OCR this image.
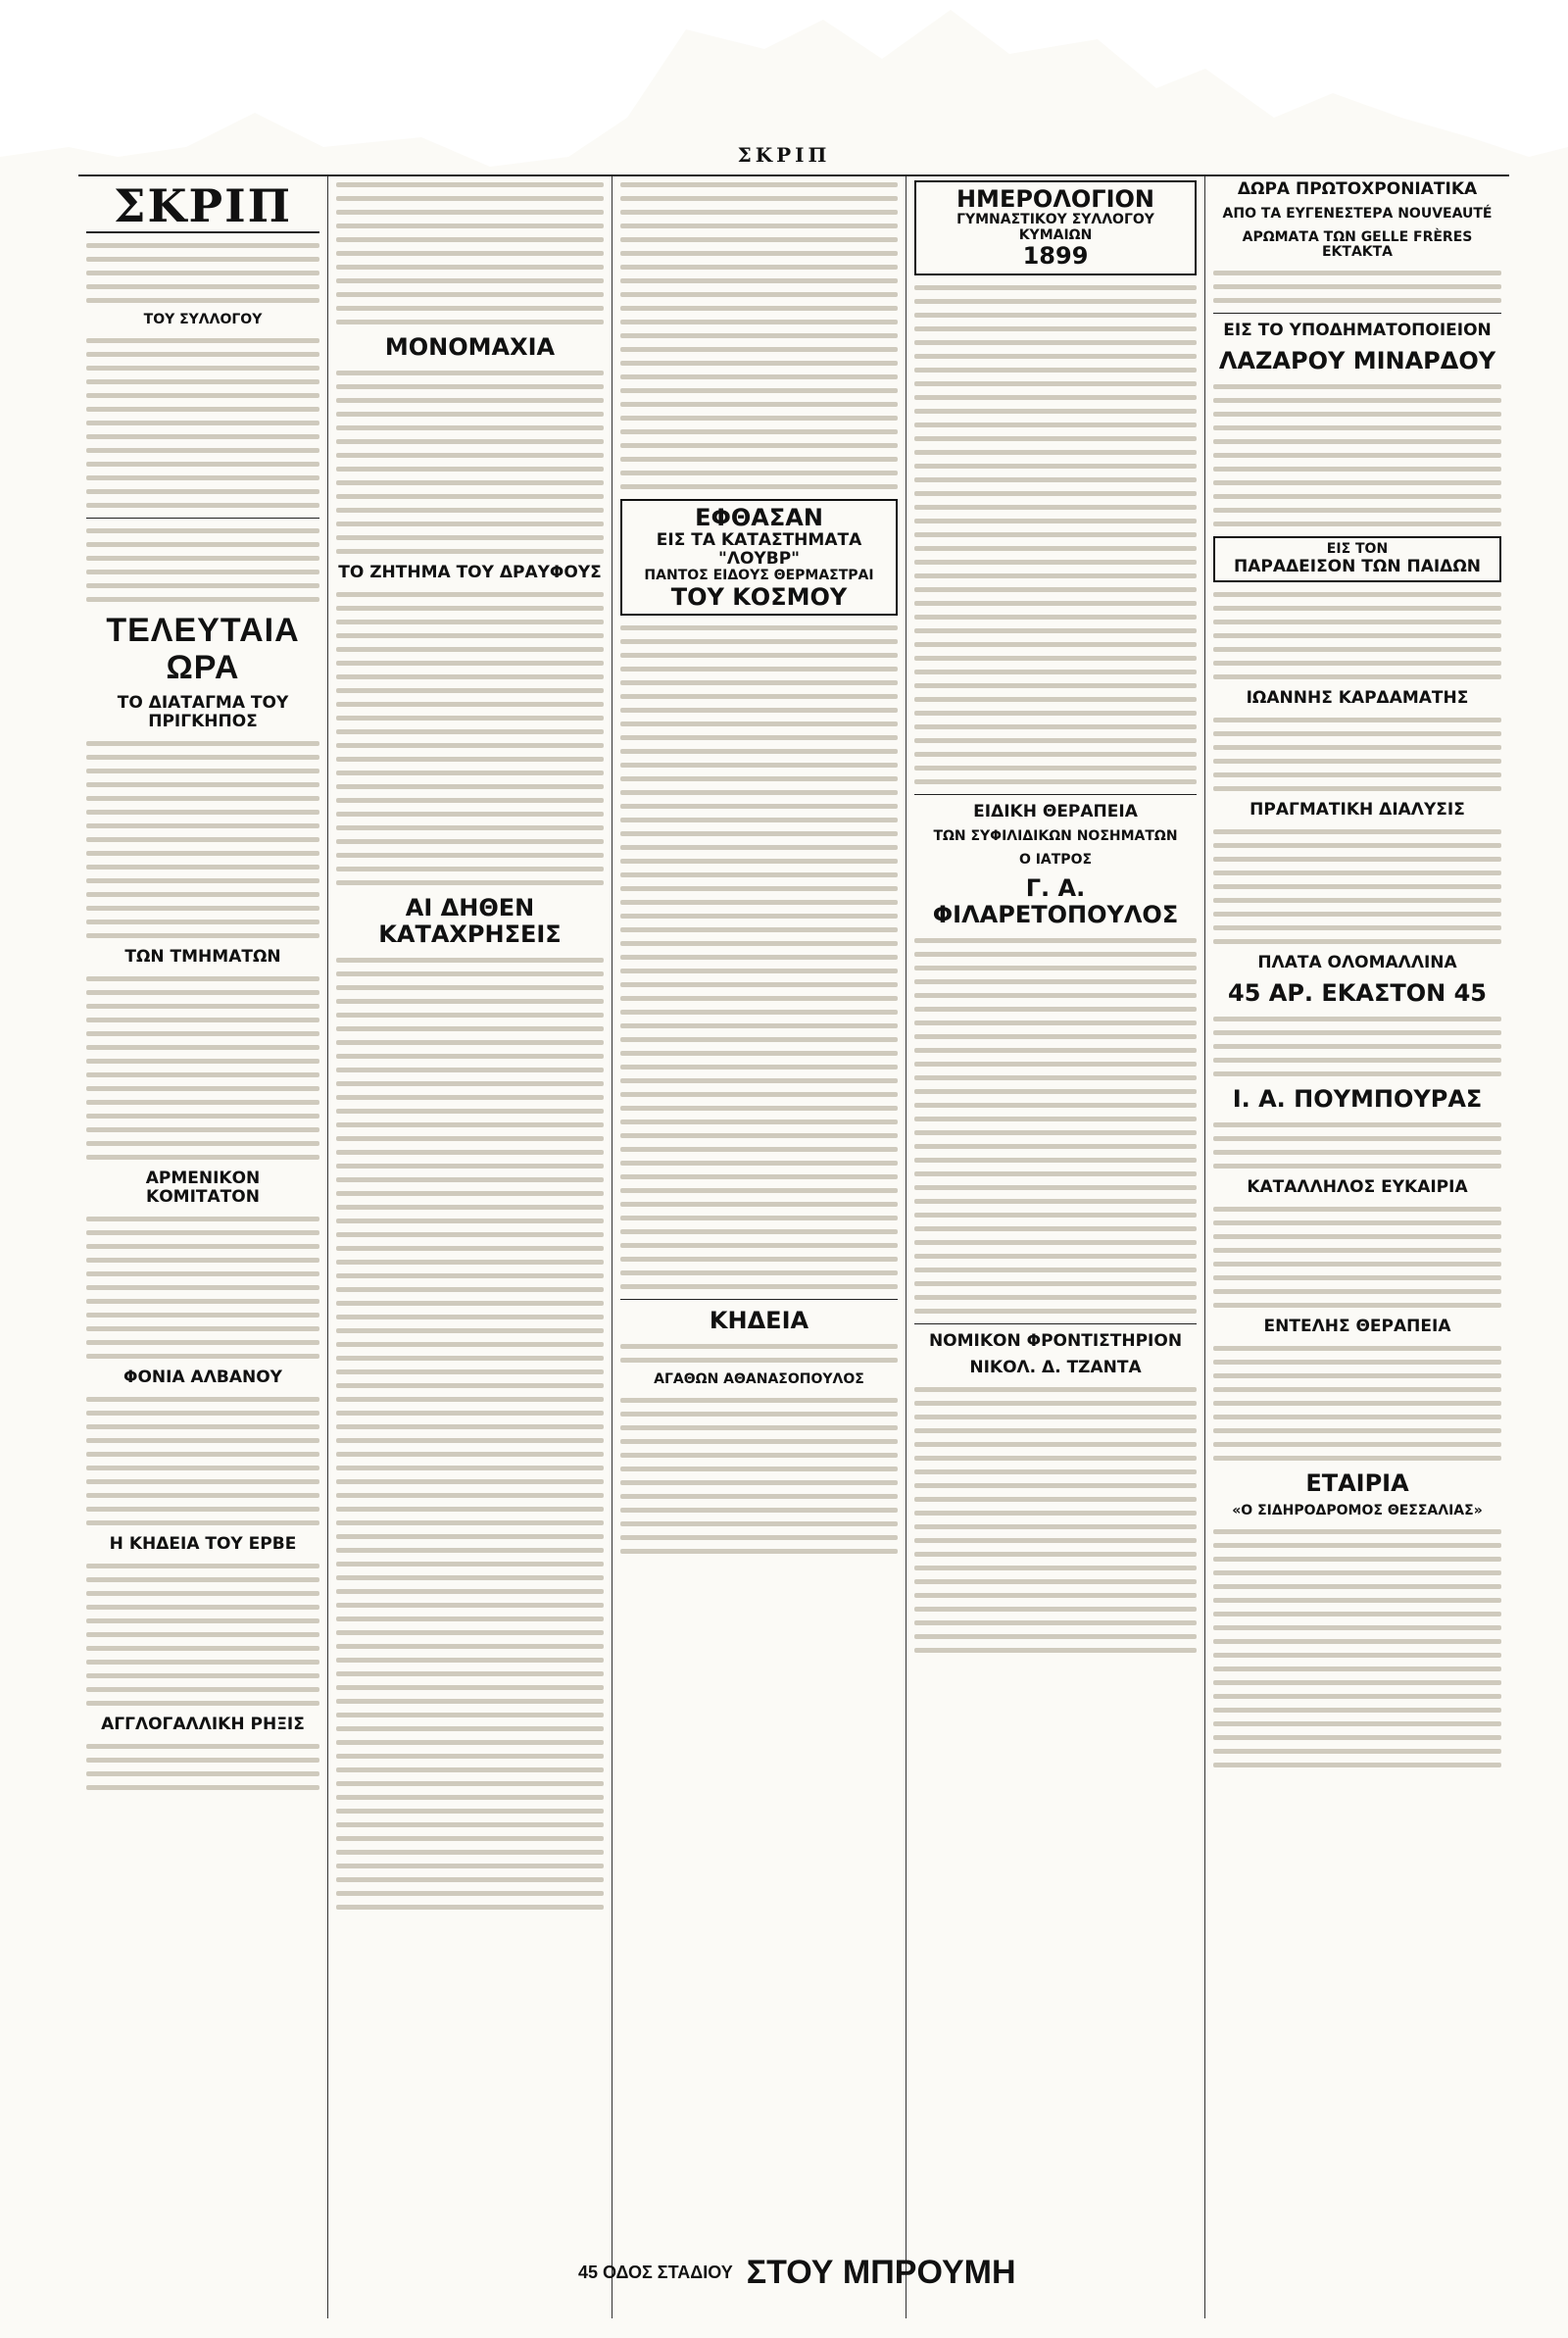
ΣΚΡΙΠ
ΣΚΡΙΠ
ΤΟΥ ΣΥΛΛΟΓΟΥ
ΤΕΛΕΥΤΑΙΑ ΩΡΑ
ΤΟ ΔΙΑΤΑΓΜΑ ΤΟΥ ΠΡΙΓΚΗΠΟΣ
ΤΩΝ ΤΜΗΜΑΤΩΝ
ΑΡΜΕΝΙΚΟΝ ΚΟΜΙΤΑΤΟΝ
ΦΟΝΙΑ ΑΛΒΑΝΟΥ
Η ΚΗΔΕΙΑ ΤΟΥ ΕΡΒΕ
ΑΓΓΛΟΓΑΛΛΙΚΗ ΡΗΞΙΣ
ΜΟΝΟΜΑΧΙΑ
ΤΟ ΖΗΤΗΜΑ ΤΟΥ ΔΡΑΥΦΟΥΣ
ΑΙ ΔΗΘΕΝ ΚΑΤΑΧΡΗΣΕΙΣ
ΕΦΘΑΣΑΝ
ΕΙΣ ΤΑ ΚΑΤΑΣΤΗΜΑΤΑ "ΛΟΥΒΡ"
ΠΑΝΤΟΣ ΕΙΔΟΥΣ ΘΕΡΜΑΣΤΡΑΙ
ΤΟΥ ΚΟΣΜΟΥ
ΚΗΔΕΙΑ
ΑΓΑΘΩΝ ΑΘΑΝΑΣΟΠΟΥΛΟΣ
ΗΜΕΡΟΛΟΓΙΟΝ
ΓΥΜΝΑΣΤΙΚΟΥ ΣΥΛΛΟΓΟΥ ΚΥΜΑΙΩΝ
1899
ΕΙΔΙΚΗ ΘΕΡΑΠΕΙΑ
ΤΩΝ ΣΥΦΙΛΙΔΙΚΩΝ ΝΟΣΗΜΑΤΩΝ
Ο ΙΑΤΡΟΣ
Γ. Α. ΦΙΛΑΡΕΤΟΠΟΥΛΟΣ
ΝΟΜΙΚΟΝ ΦΡΟΝΤΙΣΤΗΡΙΟΝ
ΝΙΚΟΛ. Δ. ΤΖΑΝΤΑ
ΔΩΡΑ ΠΡΩΤΟΧΡΟΝΙΑΤΙΚΑ
ΑΠΟ ΤΑ ΕΥΓΕΝΕΣΤΕΡΑ NOUVEAUTÉ
ΑΡΩΜΑΤΑ ΤΩΝ GELLE FRÈRES ΕΚΤΑΚΤΑ
ΕΙΣ ΤΟ ΥΠΟΔΗΜΑΤΟΠΟΙΕΙΟΝ
ΛΑΖΑΡΟΥ ΜΙΝΑΡΔΟΥ
ΕΙΣ ΤΟΝ
ΠΑΡΑΔΕΙΣΟΝ ΤΩΝ ΠΑΙΔΩΝ
ΙΩΑΝΝΗΣ ΚΑΡΔΑΜΑΤΗΣ
ΠΡΑΓΜΑΤΙΚΗ ΔΙΑΛΥΣΙΣ
ΠΛΑΤΑ ΟΛΟΜΑΛΛΙΝΑ
45 ΑΡ. ΕΚΑΣΤΟΝ 45
Ι. Α. ΠΟΥΜΠΟΥΡΑΣ
ΚΑΤΑΛΛΗΛΟΣ ΕΥΚΑΙΡΙΑ
ΕΝΤΕΛΗΣ ΘΕΡΑΠΕΙΑ
ΕΤΑΙΡΙΑ
«Ο ΣΙΔΗΡΟΔΡΟΜΟΣ ΘΕΣΣΑΛΙΑΣ»
45 ΟΔΟΣ ΣΤΑΔΙΟΥ ΣΤΟΥ ΜΠΡΟΥΜΗ
